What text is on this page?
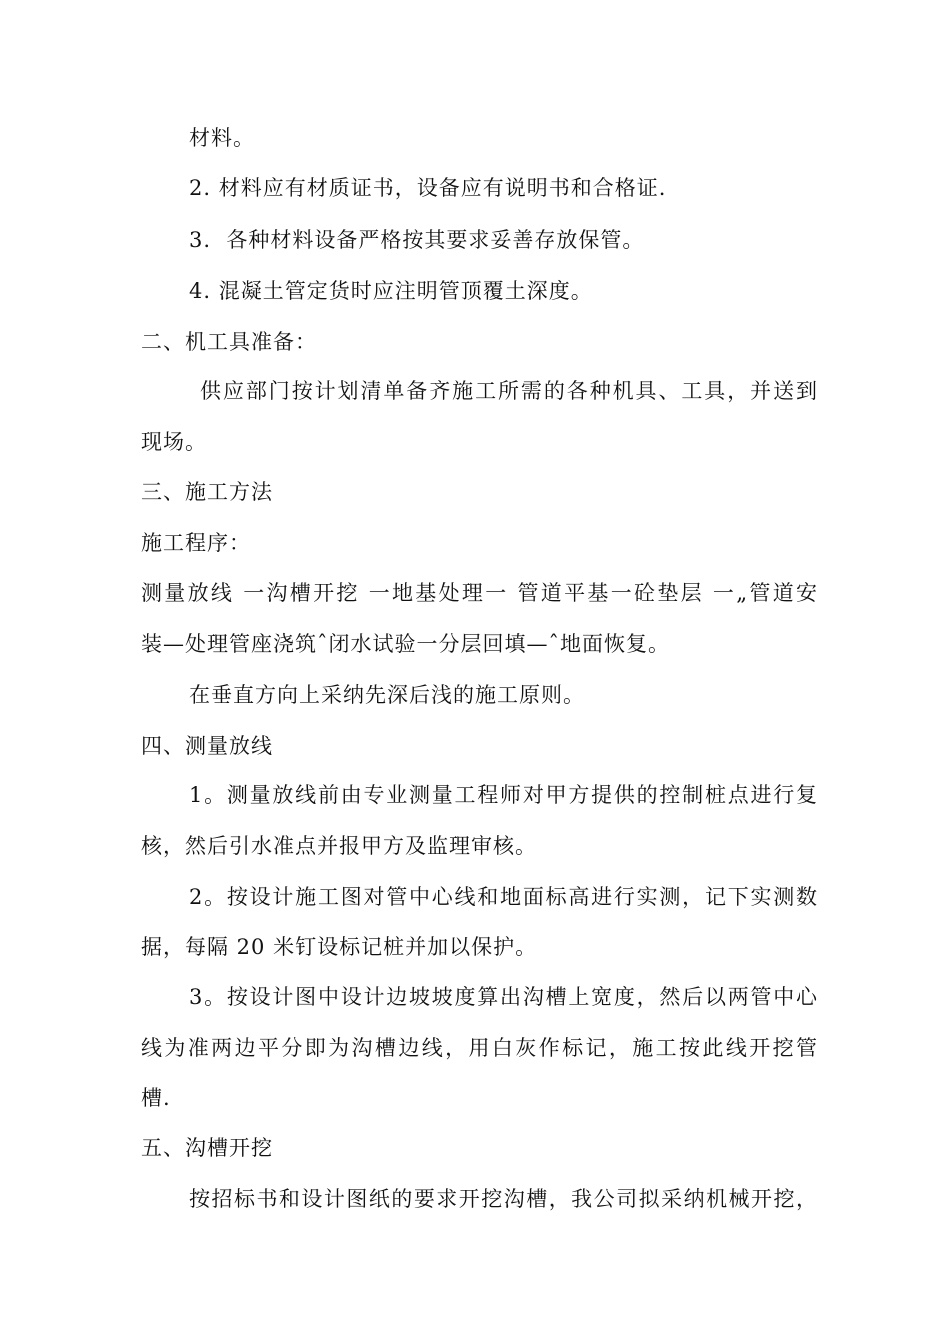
材料。
2. 材料应有材质证书，设备应有说明书和合格证.
3.  各种材料设备严格按其要求妥善存放保管。
4. 混凝土管定货时应注明管顶覆土深度。
二、机工具准备：
供应部门按计划清单备齐施工所需的各种机具、工具，并送到
现场。
三、施工方法
施工程序：
测量放线 一沟槽开挖 一地基处理一 管道平基一砼垫层 一„管道安
装—处理管座浇筑ˆ闭水试验一分层回填—ˆ地面恢复。
在垂直方向上采纳先深后浅的施工原则。
四、测量放线
1。测量放线前由专业测量工程师对甲方提供的控制桩点进行复
核，然后引水准点并报甲方及监理审核。
2。按设计施工图对管中心线和地面标高进行实测，记下实测数
据，每隔 20 米钉设标记桩并加以保护。
3。按设计图中设计边坡坡度算出沟槽上宽度，然后以两管中心
线为准两边平分即为沟槽边线，用白灰作标记，施工按此线开挖管
槽.
五、沟槽开挖
按招标书和设计图纸的要求开挖沟槽，我公司拟采纳机械开挖，
